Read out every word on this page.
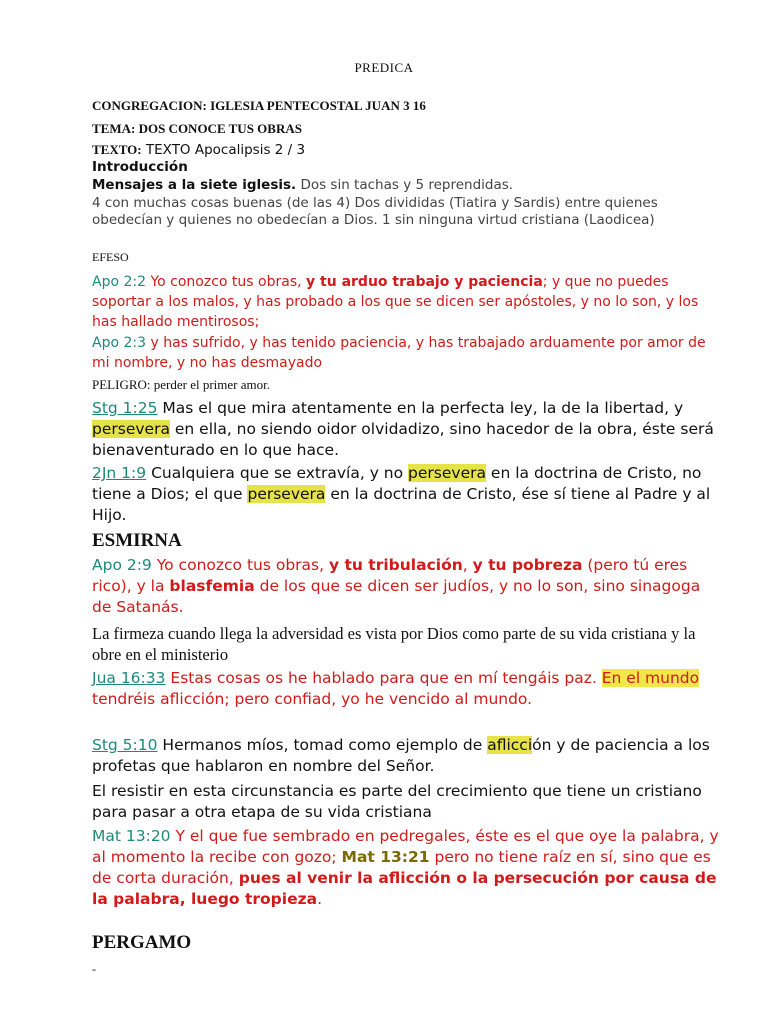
PREDICA
CONGREGACION: IGLESIA PENTECOSTAL JUAN 3 16
TEMA: DOS CONOCE TUS OBRAS
TEXTO: TEXTO Apocalipsis 2 / 3
Introducción
Mensajes a la siete iglesis. Dos sin tachas y 5 reprendidas.
4 con muchas cosas buenas (de las 4) Dos divididas (Tiatira y Sardis) entre quienes obedecían y quienes no obedecían a Dios. 1 sin ninguna virtud cristiana (Laodicea)
EFESO
Apo 2:2 Yo conozco tus obras, y tu arduo trabajo y paciencia; y que no puedes soportar a los malos, y has probado a los que se dicen ser apóstoles, y no lo son, y los has hallado mentirosos;
Apo 2:3 y has sufrido, y has tenido paciencia, y has trabajado arduamente por amor de mi nombre, y no has desmayado
PELIGRO: perder el primer amor.
Stg 1:25 Mas el que mira atentamente en la perfecta ley, la de la libertad, y persevera en ella, no siendo oidor olvidadizo, sino hacedor de la obra, éste será bienaventurado en lo que hace.
2Jn 1:9 Cualquiera que se extravía, y no persevera en la doctrina de Cristo, no tiene a Dios; el que persevera en la doctrina de Cristo, ése sí tiene al Padre y al Hijo.
ESMIRNA
Apo 2:9 Yo conozco tus obras, y tu tribulación, y tu pobreza (pero tú eres rico), y la blasfemia de los que se dicen ser judíos, y no lo son, sino sinagoga de Satanás.
La firmeza cuando llega la adversidad es vista por Dios como parte de su vida cristiana y la obre en el ministerio
Jua 16:33 Estas cosas os he hablado para que en mí tengáis paz. En el mundo tendréis aflicción; pero confiad, yo he vencido al mundo.
Stg 5:10 Hermanos míos, tomad como ejemplo de aflicción y de paciencia a los profetas que hablaron en nombre del Señor.
El resistir en esta circunstancia es parte del crecimiento que tiene un cristiano para pasar a otra etapa de su vida cristiana
Mat 13:20 Y el que fue sembrado en pedregales, éste es el que oye la palabra, y al momento la recibe con gozo; Mat 13:21 pero no tiene raíz en sí, sino que es de corta duración, pues al venir la aflicción o la persecución por causa de la palabra, luego tropieza.
PERGAMO
-
